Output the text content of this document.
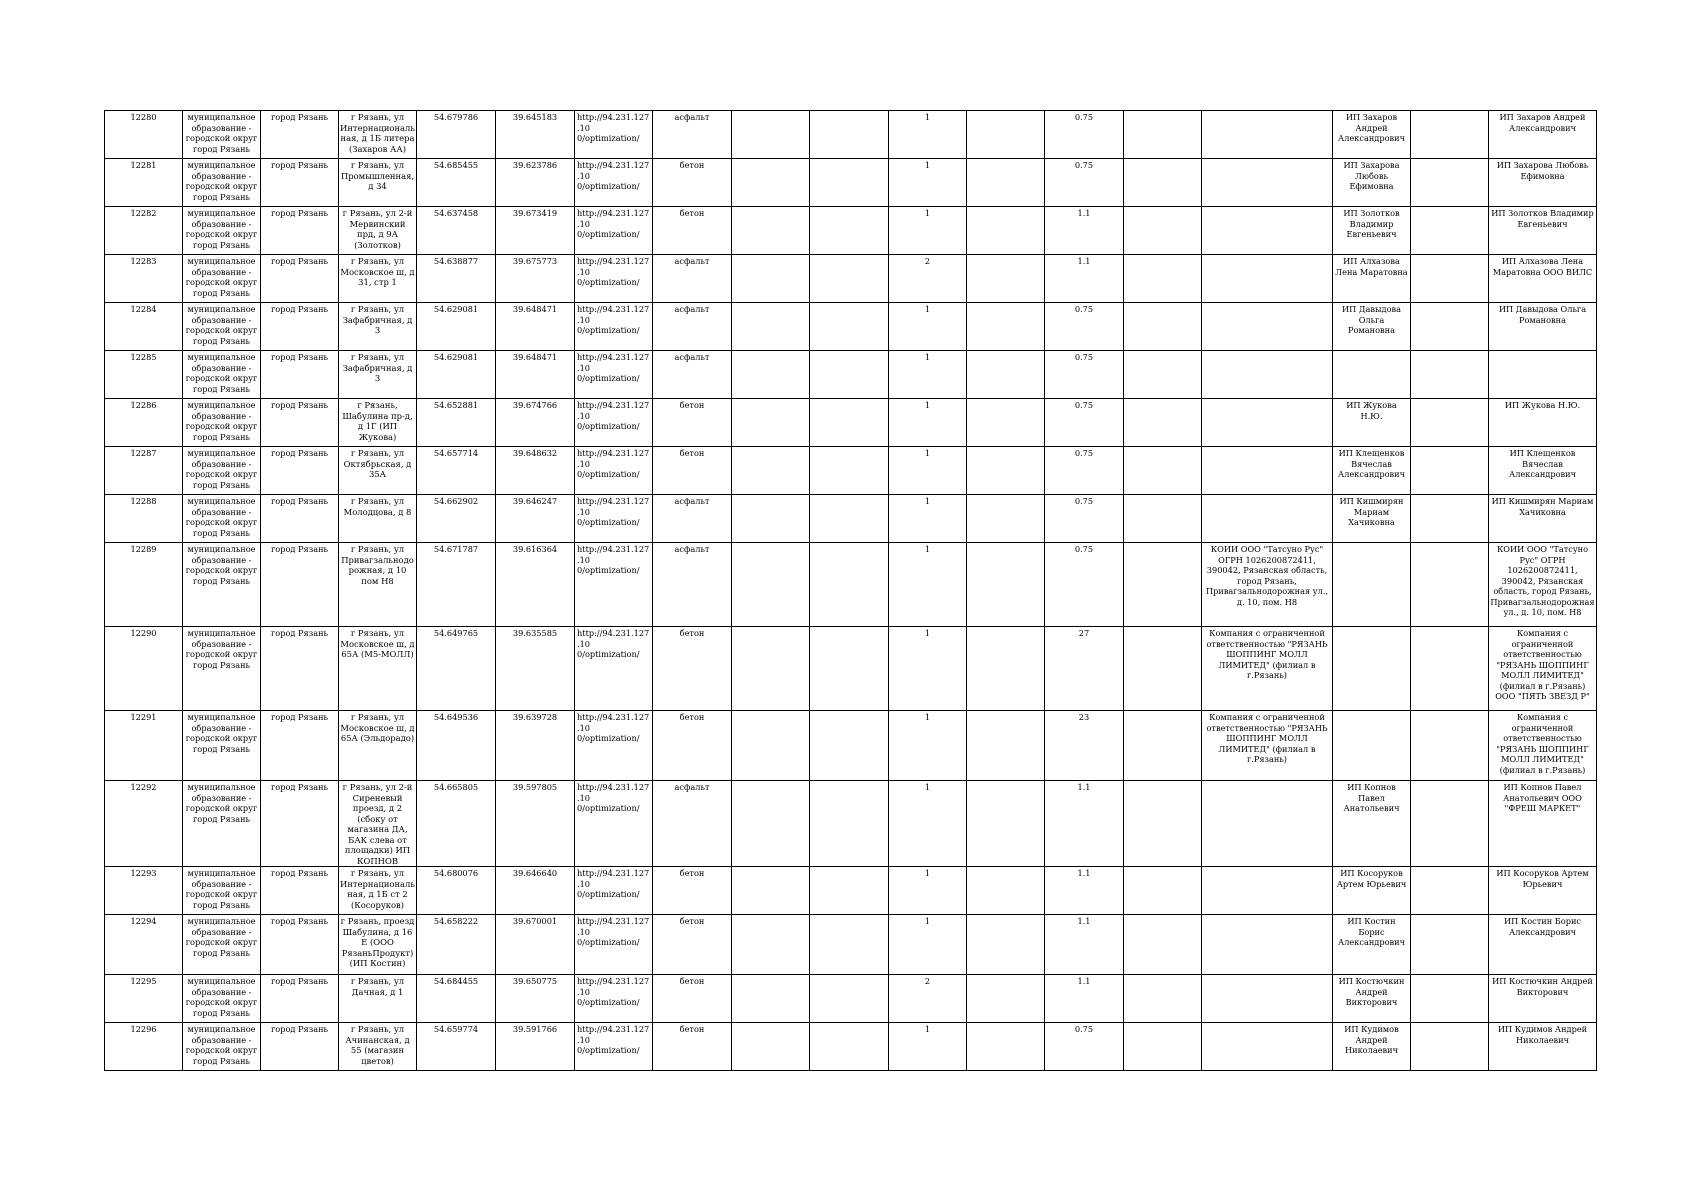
12280	муниципальное образование - городской округ город Рязань	город Рязань	г Рязань, ул Интернациональная, д 1Б литера (Захаров АА)	54.679786	39.645183	http://94.231.127.10 0/optimization/	асфальт			1		0.75			ИП Захаров Андрей Александрович		ИП Захаров Андрей Александрович
12281	муниципальное образование - городской округ город Рязань	город Рязань	г Рязань, ул Промышленная, д 34	54.685455	39.623786	http://94.231.127.10 0/optimization/	бетон			1		0.75			ИП Захарова Любовь Ефимовна		ИП Захарова Любовь Ефимовна
12282	муниципальное образование - городской округ город Рязань	город Рязань	г Рязань, ул 2-й Мервинский прд, д 9А (Золотков)	54.637458	39.673419	http://94.231.127.10 0/optimization/	бетон			1		1.1			ИП Золотков Владимир Евгеньевич		ИП Золотков Владимир Евгеньевич
12283	муниципальное образование - городской округ город Рязань	город Рязань	г Рязань, ул Московское ш, д 31, стр 1	54.638877	39.675773	http://94.231.127.10 0/optimization/	асфальт			2		1.1			ИП Алхазова Лена Маратовна		ИП Алхазова Лена Маратовна ООО ВИЛС
12284	муниципальное образование - городской округ город Рязань	город Рязань	г Рязань, ул Зафабричная, д 3	54.629081	39.648471	http://94.231.127.10 0/optimization/	асфальт			1		0.75			ИП Давыдова Ольга Романовна		ИП Давыдова Ольга Романовна
12285	муниципальное образование - городской округ город Рязань	город Рязань	г Рязань, ул Зафабричная, д 3	54.629081	39.648471	http://94.231.127.10 0/optimization/	асфальт			1		0.75					
12286	муниципальное образование - городской округ город Рязань	город Рязань	г Рязань, Шабулина пр-д, д 1Г (ИП Жукова)	54.652881	39.674766	http://94.231.127.10 0/optimization/	бетон			1		0.75			ИП Жукова Н.Ю.		ИП Жукова Н.Ю.
12287	муниципальное образование - городской округ город Рязань	город Рязань	г Рязань, ул Октябрьская, д 35А	54.657714	39.648632	http://94.231.127.10 0/optimization/	бетон			1		0.75			ИП Клещенков Вячеслав Александрович		ИП Клещенков Вячеслав Александрович
12288	муниципальное образование - городской округ город Рязань	город Рязань	г Рязань, ул Молодцова, д 8	54.662902	39.646247	http://94.231.127.10 0/optimization/	асфальт			1		0.75			ИП Кишмирян Мариам Хачиковна		ИП Кишмирян Мариам Хачиковна
12289	муниципальное образование - городской округ город Рязань	город Рязань	г Рязань, ул Привагзальнодорожная, д 10 пом Н8	54.671787	39.616364	http://94.231.127.10 0/optimization/	асфальт			1		0.75		КОИИ ООО "Татсуно Рус" ОГРН 1026200872411, 390042, Рязанская область, город Рязань, Привагзальнодорожная ул., д. 10, пом. Н8			КОИИ ООО "Татсуно Рус" ОГРН 1026200872411, 390042, Рязанская область, город Рязань, Привагзальнодорожная ул., д. 10, пом. Н8
12290	муниципальное образование - городской округ город Рязань	город Рязань	г Рязань, ул Московское ш, д 65А (М5-МОЛЛ)	54.649765	39.635585	http://94.231.127.10 0/optimization/	бетон			1		27		Компания с ограниченной ответственностью "РЯЗАНЬ ШОППИНГ МОЛЛ ЛИМИТЕД" (филиал в г.Рязань)			Компания с ограниченной ответственностью "РЯЗАНЬ ШОППИНГ МОЛЛ ЛИМИТЕД" (филиал в г.Рязань) ООО "ПЯТЬ ЗВЕЗД Р"
12291	муниципальное образование - городской округ город Рязань	город Рязань	г Рязань, ул Московское ш, д 65А (Эльдорадо)	54.649536	39.639728	http://94.231.127.10 0/optimization/	бетон			1		23		Компания с ограниченной ответственностью "РЯЗАНЬ ШОППИНГ МОЛЛ ЛИМИТЕД" (филиал в г.Рязань)			Компания с ограниченной ответственностью "РЯЗАНЬ ШОППИНГ МОЛЛ ЛИМИТЕД" (филиал в г.Рязань)
12292	муниципальное образование - городской округ город Рязань	город Рязань	г Рязань, ул 2-й Сиреневый проезд, д 2 (сбоку от магазина ДА, БАК слева от площадки) ИП КОПНОВ	54.665805	39.597805	http://94.231.127.10 0/optimization/	асфальт			1		1.1			ИП Копнов Павел Анатольевич		ИП Копнов Павел Анатольевич ООО "ФРЕШ МАРКЕТ"
12293	муниципальное образование - городской округ город Рязань	город Рязань	г Рязань, ул Интернациональная, д 1Б ст 2 (Косоруков)	54.680076	39.646640	http://94.231.127.10 0/optimization/	бетон			1		1.1			ИП Косоруков Артем Юрьевич		ИП Косоруков Артем Юрьевич
12294	муниципальное образование - городской округ город Рязань	город Рязань	г Рязань, проезд Шабулина, д 16 Е (ООО РязаньПродукт)(ИП Костин)	54.658222	39.670001	http://94.231.127.10 0/optimization/	бетон			1		1.1			ИП Костин Борис Александрович		ИП Костин Борис Александрович
12295	муниципальное образование - городской округ город Рязань	город Рязань	г Рязань, ул Дачная, д 1	54.684455	39.650775	http://94.231.127.10 0/optimization/	бетон			2		1.1			ИП Костючкин Андрей Викторович		ИП Костючкин Андрей Викторович
12296	муниципальное образование - городской округ город Рязань	город Рязань	г Рязань, ул Ачинанская, д 55 (магазин цветов)	54.659774	39.591766	http://94.231.127.10 0/optimization/	бетон			1		0.75			ИП Кудимов Андрей Николаевич		ИП Кудимов Андрей Николаевич
